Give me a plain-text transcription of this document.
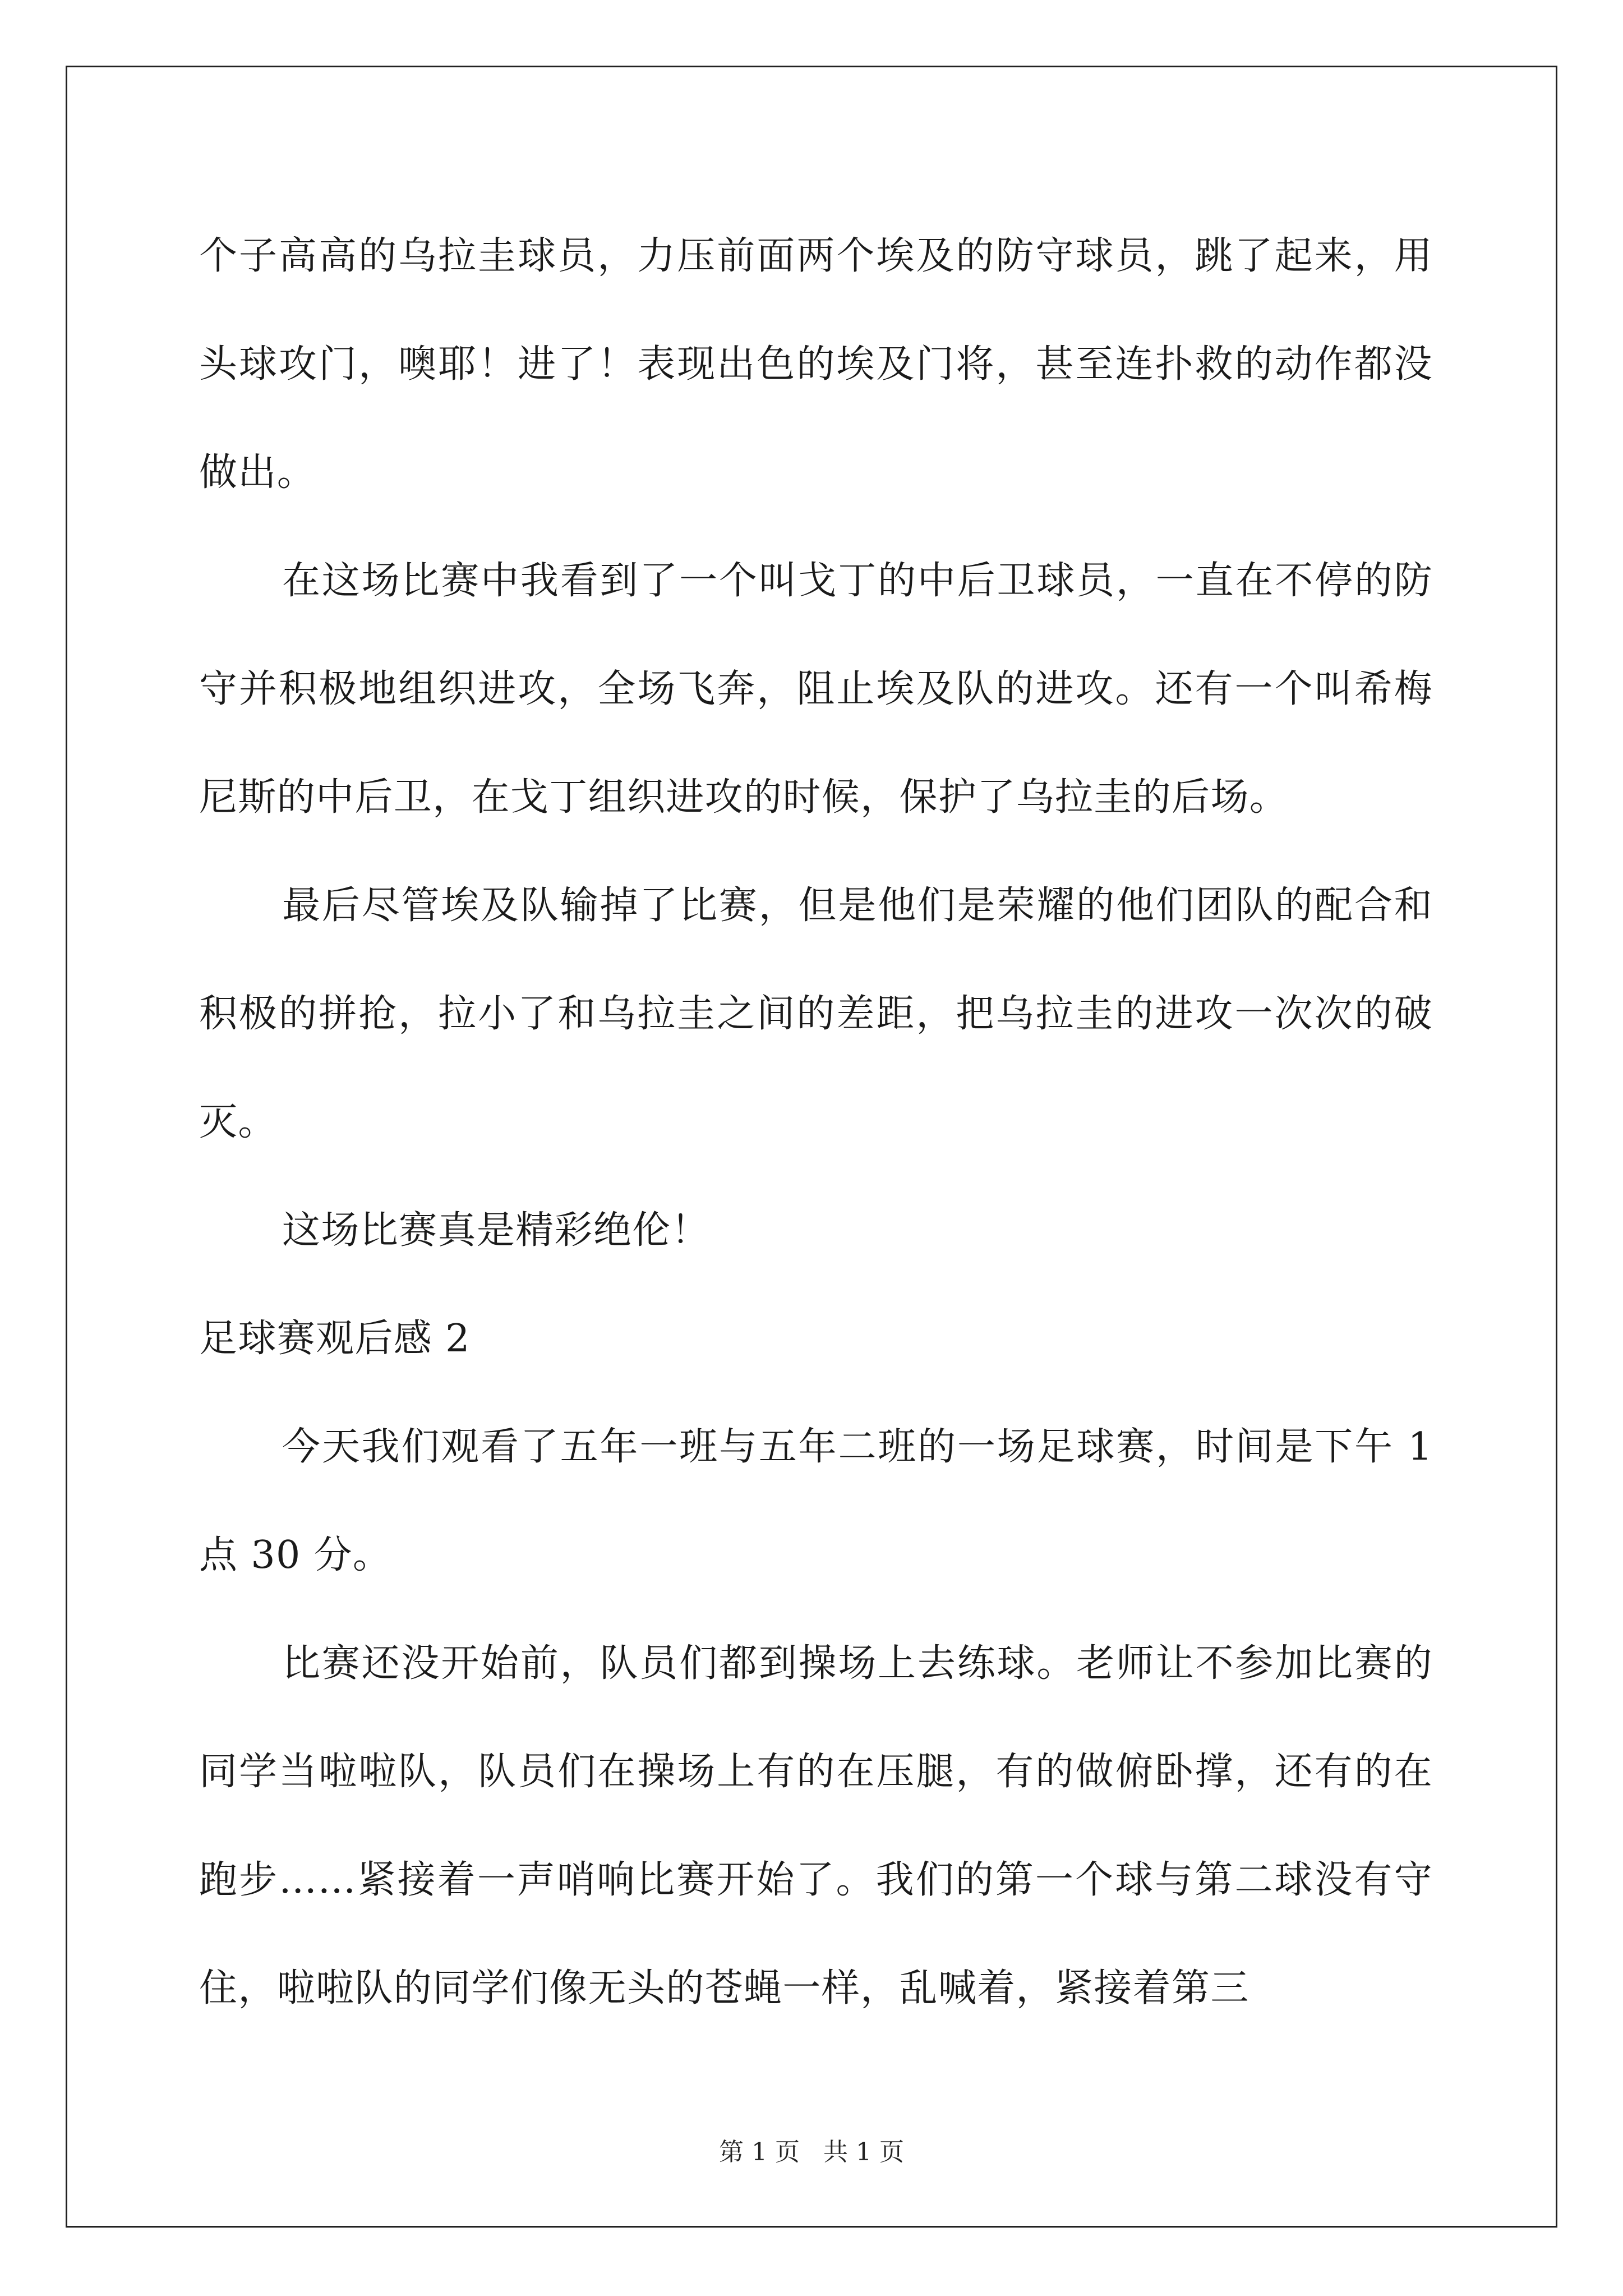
个子高高的乌拉圭球员，力压前面两个埃及的防守球员，跳了起来，用头球攻门，噢耶！进了！表现出色的埃及门将，甚至连扑救的动作都没做出。

在这场比赛中我看到了一个叫戈丁的中后卫球员，一直在不停的防守并积极地组织进攻，全场飞奔，阻止埃及队的进攻。还有一个叫希梅尼斯的中后卫，在戈丁组织进攻的时候，保护了乌拉圭的后场。

最后尽管埃及队输掉了比赛，但是他们是荣耀的他们团队的配合和积极的拼抢，拉小了和乌拉圭之间的差距，把乌拉圭的进攻一次次的破灭。

这场比赛真是精彩绝伦！

足球赛观后感 2

今天我们观看了五年一班与五年二班的一场足球赛，时间是下午 1 点 30 分。

比赛还没开始前，队员们都到操场上去练球。老师让不参加比赛的同学当啦啦队，队员们在操场上有的在压腿，有的做俯卧撑，还有的在跑步……紧接着一声哨响比赛开始了。我们的第一个球与第二球没有守住，啦啦队的同学们像无头的苍蝇一样，乱喊着，紧接着第三

第 1 页 共 1 页
